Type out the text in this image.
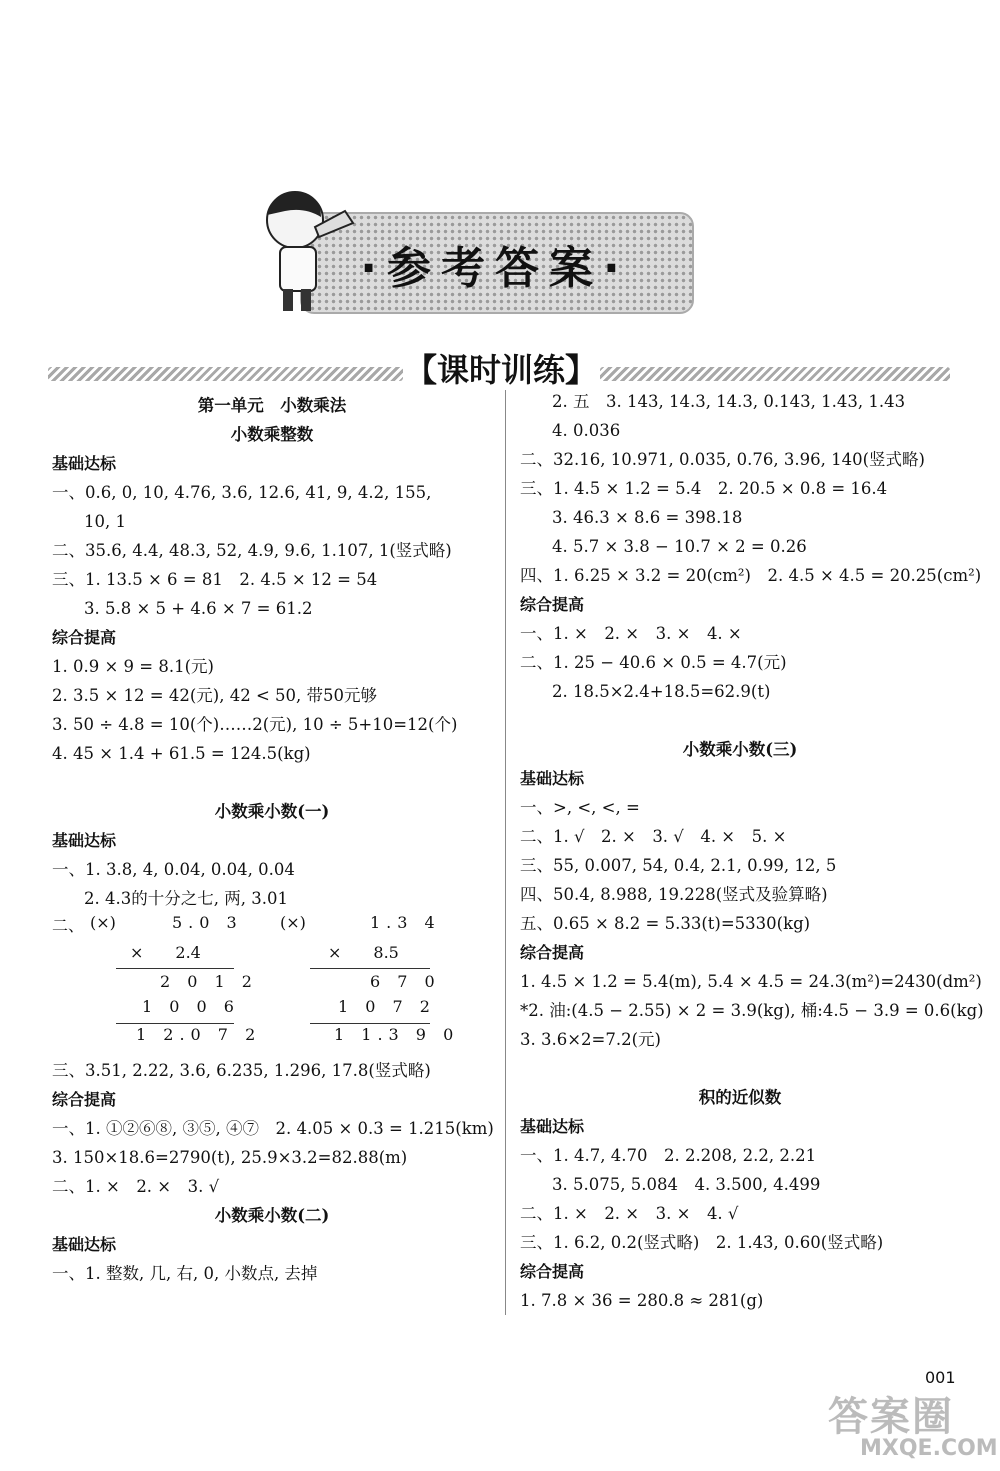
·参考答案·
【课时训练】
第一单元　小数乘法
小数乘整数
基础达标
一、0.6, 0, 10, 4.76, 3.6, 12.6, 41, 9, 4.2, 155,
10, 1
二、35.6, 4.4, 48.3, 52, 4.9, 9.6, 1.107, 1(竖式略)
三、1. 13.5 × 6 = 81　2. 4.5 × 12 = 54
3. 5.8 × 5 + 4.6 × 7 = 61.2
综合提高
1. 0.9 × 9 = 8.1(元)
2. 3.5 × 12 = 42(元), 42 < 50, 带50元够
3. 50 ÷ 4.8 = 10(个)……2(元), 10 ÷ 5+10=12(个)
4. 45 × 1.4 + 61.5 = 124.5(kg)
小数乘小数(一)
基础达标
一、1. 3.8, 4, 0.04, 0.04, 0.04
2. 4.3的十分之七, 两, 3.01
二、 (×)	5.0 3
×　　2.4
2 0 1 2
1 0 0 6
1 2.0 7 2
(×)	1.3 4
×　　8.5
6 7 0
1 0 7 2
1 1.3 9 0
三、3.51, 2.22, 3.6, 6.235, 1.296, 17.8(竖式略)
综合提高
一、1. ①②⑥⑧, ③⑤, ④⑦　2. 4.05 × 0.3 = 1.215(km)
3. 150×18.6=2790(t), 25.9×3.2=82.88(m)
二、1. ×　2. ×　3. √
小数乘小数(二)
基础达标
一、1. 整数, 几, 右, 0, 小数点, 去掉
2. 五　3. 143, 14.3, 14.3, 0.143, 1.43, 1.43
4. 0.036
二、32.16, 10.971, 0.035, 0.76, 3.96, 140(竖式略)
三、1. 4.5 × 1.2 = 5.4　2. 20.5 × 0.8 = 16.4
3. 46.3 × 8.6 = 398.18
4. 5.7 × 3.8 − 10.7 × 2 = 0.26
四、1. 6.25 × 3.2 = 20(cm²)　2. 4.5 × 4.5 = 20.25(cm²)
综合提高
一、1. ×　2. ×　3. ×　4. ×
二、1. 25 − 40.6 × 0.5 = 4.7(元)
2. 18.5×2.4+18.5=62.9(t)
小数乘小数(三)
基础达标
一、>, <, <, =
二、1. √　2. ×　3. √　4. ×　5. ×
三、55, 0.007, 54, 0.4, 2.1, 0.99, 12, 5
四、50.4, 8.988, 19.228(竖式及验算略)
五、0.65 × 8.2 = 5.33(t)=5330(kg)
综合提高
1. 4.5 × 1.2 = 5.4(m), 5.4 × 4.5 = 24.3(m²)=2430(dm²)
*2. 油:(4.5 − 2.55) × 2 = 3.9(kg), 桶:4.5 − 3.9 = 0.6(kg)
3. 3.6×2=7.2(元)
积的近似数
基础达标
一、1. 4.7, 4.70　2. 2.208, 2.2, 2.21
3. 5.075, 5.084　4. 3.500, 4.499
二、1. ×　2. ×　3. ×　4. √
三、1. 6.2, 0.2(竖式略)　2. 1.43, 0.60(竖式略)
综合提高
1. 7.8 × 36 = 280.8 ≈ 281(g)
001
答案圈
MXQE.COM
